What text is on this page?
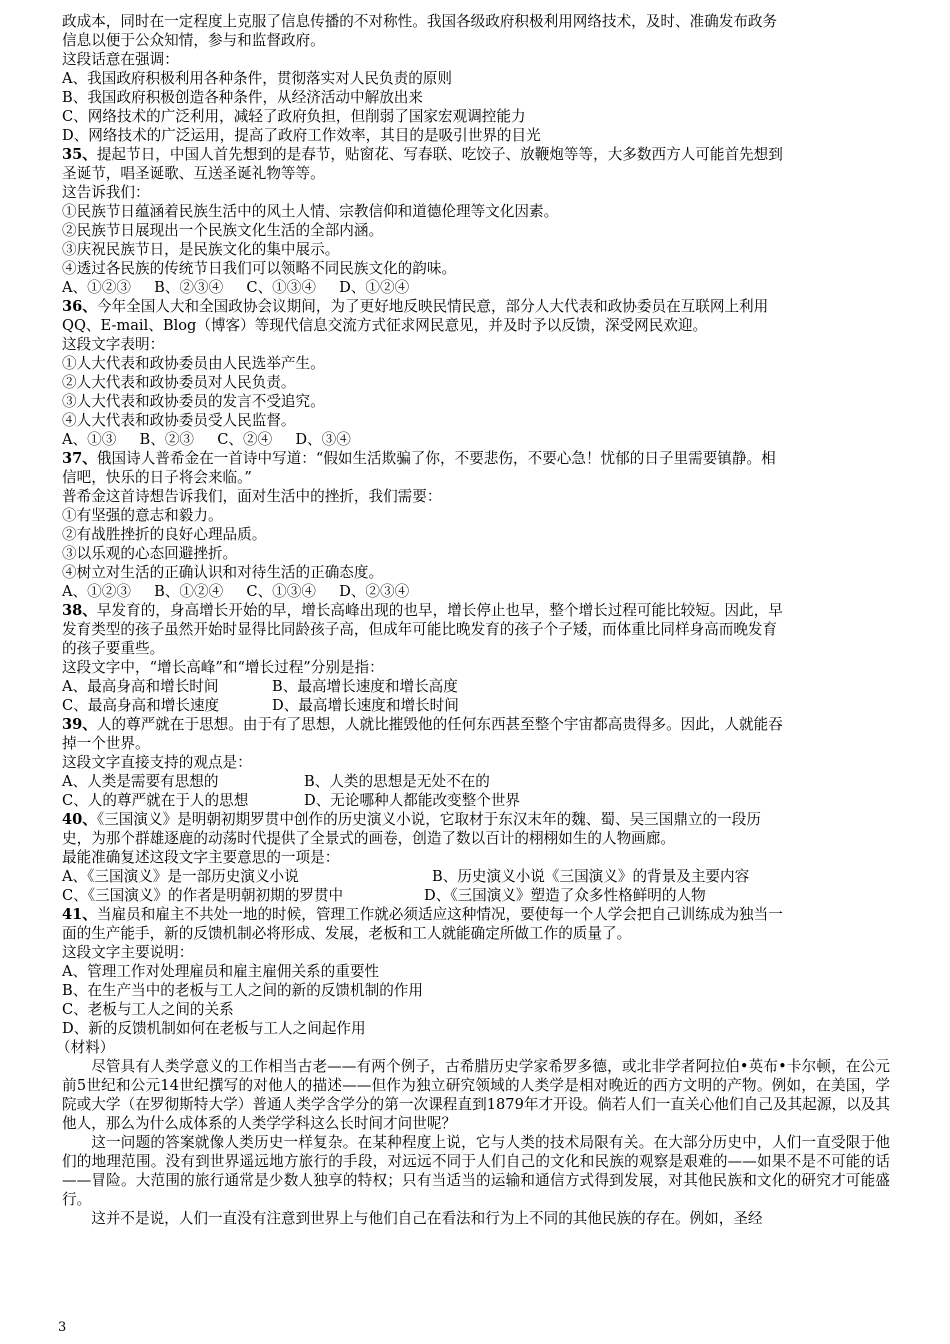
政成本，同时在一定程度上克服了信息传播的不对称性。我国各级政府积极利用网络技术，及时、准确发布政务
信息以便于公众知情，参与和监督政府。
这段话意在强调：
A、我国政府积极利用各种条件，贯彻落实对人民负责的原则
B、我国政府积极创造各种条件，从经济活动中解放出来
C、网络技术的广泛利用，减轻了政府负担，但削弱了国家宏观调控能力
D、网络技术的广泛运用，提高了政府工作效率，其目的是吸引世界的目光
35、提起节日，中国人首先想到的是春节，贴窗花、写春联、吃饺子、放鞭炮等等，大多数西方人可能首先想到
圣诞节，唱圣诞歌、互送圣诞礼物等等。
这告诉我们：
①民族节日蕴涵着民族生活中的风土人情、宗教信仰和道德伦理等文化因素。
②民族节日展现出一个民族文化生活的全部内涵。
③庆祝民族节日，是民族文化的集中展示。
④透过各民族的传统节日我们可以领略不同民族文化的韵味。
A、①②③     B、②③④     C、①③④     D、①②④
36、今年全国人大和全国政协会议期间，为了更好地反映民情民意，部分人大代表和政协委员在互联网上利用
QQ、E-mail、Blog（博客）等现代信息交流方式征求网民意见，并及时予以反馈，深受网民欢迎。
这段文字表明：
①人大代表和政协委员由人民选举产生。
②人大代表和政协委员对人民负责。
③人大代表和政协委员的发言不受追究。
④人大代表和政协委员受人民监督。
A、①③     B、②③     C、②④     D、③④
37、俄国诗人普希金在一首诗中写道：“假如生活欺骗了你，不要悲伤，不要心急！忧郁的日子里需要镇静。相
信吧，快乐的日子将会来临。”
普希金这首诗想告诉我们，面对生活中的挫折，我们需要：
①有坚强的意志和毅力。
②有战胜挫折的良好心理品质。
③以乐观的心态回避挫折。
④树立对生活的正确认识和对待生活的正确态度。
A、①②③     B、①②④     C、①③④     D、②③④
38、早发育的，身高增长开始的早，增长高峰出现的也早，增长停止也早，整个增长过程可能比较短。因此，早
发育类型的孩子虽然开始时显得比同龄孩子高，但成年可能比晚发育的孩子个子矮，而体重比同样身高而晚发育
的孩子要重些。
这段文字中，“增长高峰”和“增长过程”分别是指：
A、最高身高和增长时间	B、最高增长速度和增长高度
C、最高身高和增长速度	D、最高增长速度和增长时间
39、人的尊严就在于思想。由于有了思想，人就比摧毁他的任何东西甚至整个宇宙都高贵得多。因此，人就能吞
掉一个世界。
这段文字直接支持的观点是：
A、人类是需要有思想的	B、人类的思想是无处不在的
C、人的尊严就在于人的思想	D、无论哪种人都能改变整个世界
40、《三国演义》是明朝初期罗贯中创作的历史演义小说，它取材于东汉末年的魏、蜀、吴三国鼎立的一段历
史，为那个群雄逐鹿的动荡时代提供了全景式的画卷，创造了数以百计的栩栩如生的人物画廊。
最能准确复述这段文字主要意思的一项是：
A、《三国演义》是一部历史演义小说	B、历史演义小说《三国演义》的背景及主要内容
C、《三国演义》的作者是明朝初期的罗贯中	D、《三国演义》塑造了众多性格鲜明的人物
41、当雇员和雇主不共处一地的时候，管理工作就必须适应这种情况，要使每一个人学会把自己训练成为独当一
面的生产能手，新的反馈机制必将形成、发展，老板和工人就能确定所做工作的质量了。
这段文字主要说明：
A、管理工作对处理雇员和雇主雇佣关系的重要性
B、在生产当中的老板与工人之间的新的反馈机制的作用
C、老板与工人之间的关系
D、新的反馈机制如何在老板与工人之间起作用
（材料）
尽管具有人类学意义的工作相当古老——有两个例子，古希腊历史学家希罗多德，或北非学者阿拉伯•英布•卡尔顿，在公元前5世纪和公元14世纪撰写的对他人的描述——但作为独立研究领域的人类学是相对晚近的西方文明的产物。例如，在美国，学院或大学（在罗彻斯特大学）普通人类学含学分的第一次课程直到1879年才开设。倘若人们一直关心他们自己及其起源，以及其他人，那么为什么成体系的人类学学科这么长时间才问世呢？
这一问题的答案就像人类历史一样复杂。在某种程度上说，它与人类的技术局限有关。在大部分历史中，人们一直受限于他们的地理范围。没有到世界遥远地方旅行的手段，对远远不同于人们自己的文化和民族的观察是艰难的——如果不是不可能的话——冒险。大范围的旅行通常是少数人独享的特权；只有当适当的运输和通信方式得到发展，对其他民族和文化的研究才可能盛行。
这并不是说，人们一直没有注意到世界上与他们自己在看法和行为上不同的其他民族的存在。例如，圣经
3
